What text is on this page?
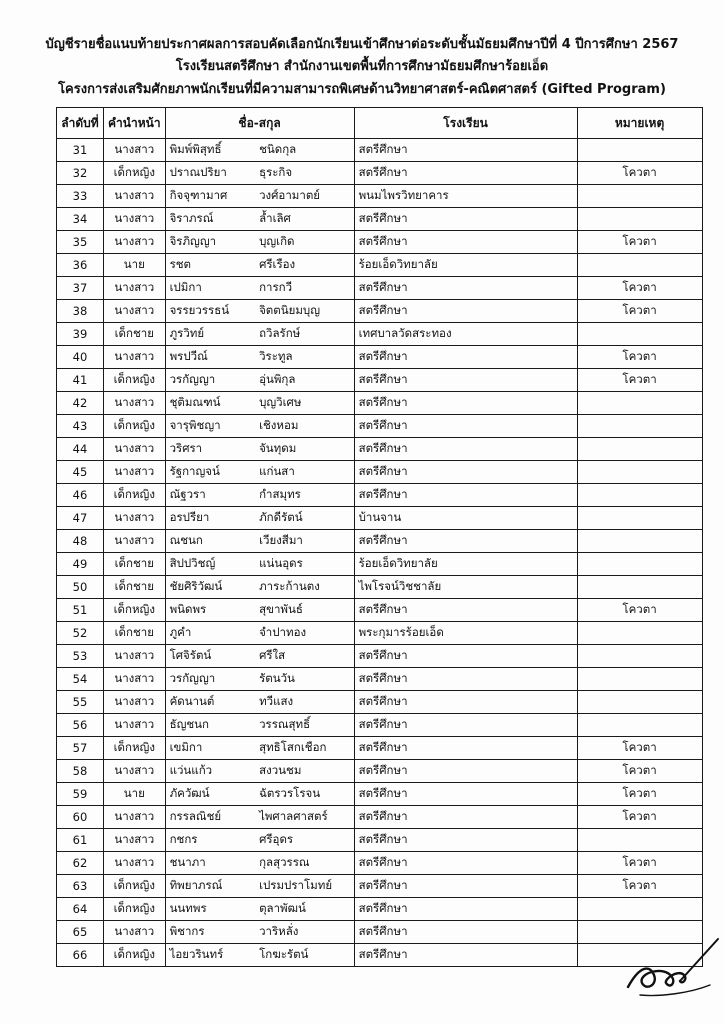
บัญชีรายชื่อแนบท้ายประกาศผลการสอบคัดเลือกนักเรียนเข้าศึกษาต่อระดับชั้นมัธยมศึกษาปีที่ 4 ปีการศึกษา 2567
โรงเรียนสตรีศึกษา สำนักงานเขตพื้นที่การศึกษามัธยมศึกษาร้อยเอ็ด
โครงการส่งเสริมศักยภาพนักเรียนที่มีความสามารถพิเศษด้านวิทยาศาสตร์-คณิตศาสตร์ (Gifted Program)
ลำดับที่	คำนำหน้า	ชื่อ-สกุล		โรงเรียน	หมายเหตุ
31	นางสาว	พิมพ์พิสุทธิ์	ชนิดกุล	สตรีศึกษา	
32	เด็กหญิง	ปราณปริยา	ธุระกิจ	สตรีศึกษา	โควตา
33	นางสาว	กิจจุฑามาศ	วงศ์อามาตย์	พนมไพรวิทยาคาร	
34	นางสาว	จิราภรณ์	ล้ำเลิศ	สตรีศึกษา	
35	นางสาว	จิรภิญญา	บุญเกิด	สตรีศึกษา	โควตา
36	นาย	รชต	ศรีเรือง	ร้อยเอ็ดวิทยาลัย	
37	นางสาว	เปมิกา	การกวี	สตรีศึกษา	โควตา
38	นางสาว	จรรยวรรธน์	จิตตนิยมบุญ	สตรีศึกษา	โควตา
39	เด็กชาย	ภูรวิทย์	ถวิลรักษ์	เทศบาลวัดสระทอง	
40	นางสาว	พรปวีณ์	วิระทูล	สตรีศึกษา	โควตา
41	เด็กหญิง	วรกัญญา	อุ่นพิกุล	สตรีศึกษา	โควตา
42	นางสาว	ชุติมณฑน์	บุญวิเศษ	สตรีศึกษา	
43	เด็กหญิง	จารุพิชญา	เชิงหอม	สตรีศึกษา	
44	นางสาว	วริศรา	จันทุดม	สตรีศึกษา	
45	นางสาว	รัฐกาญจน์	แก่นสา	สตรีศึกษา	
46	เด็กหญิง	ณัฐวรา	กำสมุทร	สตรีศึกษา	
47	นางสาว	อรปรียา	ภักดีรัตน์	บ้านจาน	
48	นางสาว	ณชนก	เวียงสีมา	สตรีศึกษา	
49	เด็กชาย	สิปปวิชญ์	แน่นอุดร	ร้อยเอ็ดวิทยาลัย	
50	เด็กชาย	ชัยศิริวัฒน์	ภาระก้านตง	ไพโรจน์วิชชาลัย	
51	เด็กหญิง	พนิดพร	สุขาพันธ์	สตรีศึกษา	โควตา
52	เด็กชาย	ภูคำ	จำปาทอง	พระกุมารร้อยเอ็ด	
53	นางสาว	โศจิรัตน์	ศรีใส	สตรีศึกษา	
54	นางสาว	วรกัญญา	รัตนวัน	สตรีศึกษา	
55	นางสาว	คัดนานต์	ทวีแสง	สตรีศึกษา	
56	นางสาว	ธัญชนก	วรรณสุทธิ์	สตรีศึกษา	
57	เด็กหญิง	เขมิกา	สุทธิโสกเชือก	สตรีศึกษา	โควตา
58	นางสาว	แว่นแก้ว	สงวนชม	สตรีศึกษา	โควตา
59	นาย	ภัควัฒน์	ฉัตรวรโรจน	สตรีศึกษา	โควตา
60	นางสาว	กรรลณิชย์	ไพศาลศาสตร์	สตรีศึกษา	โควตา
61	นางสาว	กชกร	ศรีอุดร	สตรีศึกษา	
62	นางสาว	ชนาภา	กุลสุวรรณ	สตรีศึกษา	โควตา
63	เด็กหญิง	ทิพยาภรณ์	เปรมปราโมทย์	สตรีศึกษา	โควตา
64	เด็กหญิง	นนทพร	ตุลาพัฒน์	สตรีศึกษา	
65	นางสาว	พิชากร	วาริหลั่ง	สตรีศึกษา	
66	เด็กหญิง	ไอยวรินทร์	โกฆะรัตน์	สตรีศึกษา	
